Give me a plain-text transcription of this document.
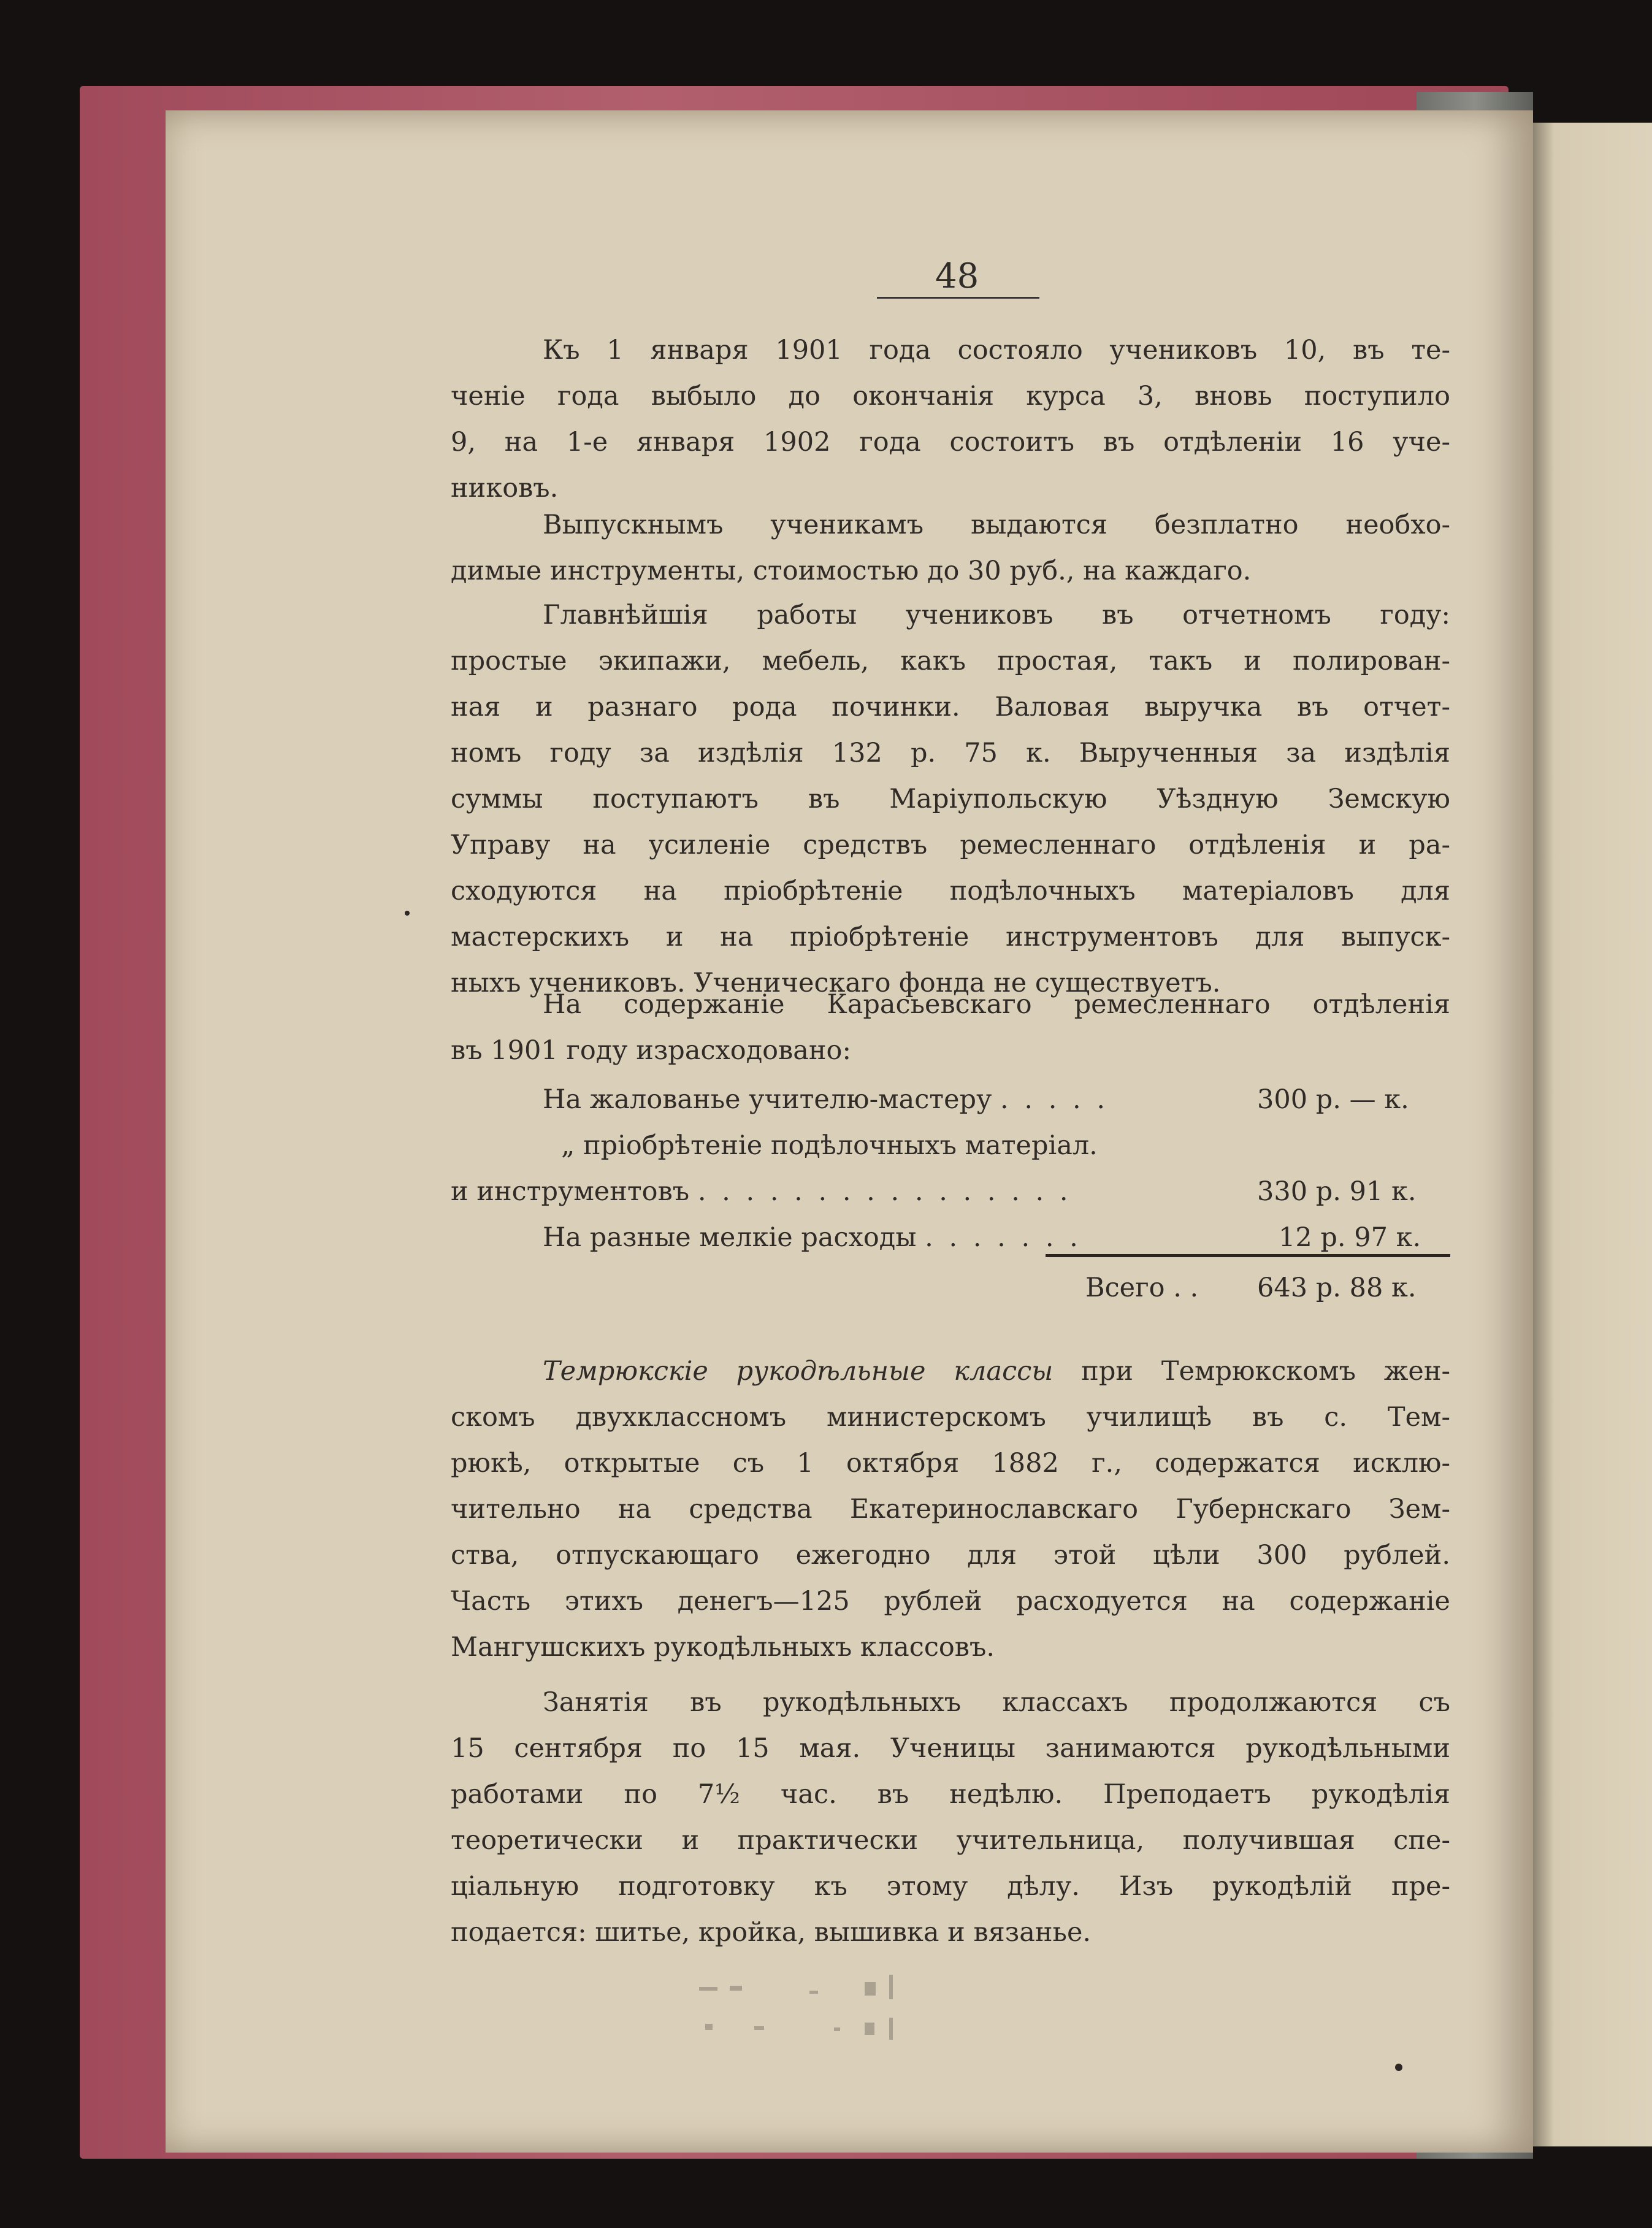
48
Къ 1 января 1901 года состояло учениковъ 10, въ те-
ченіе года выбыло до окончанія курса 3, вновь поступило
9, на 1-е января 1902 года состоитъ въ отдѣленіи 16 уче-
никовъ.
Выпускнымъ ученикамъ выдаются безплатно необхо-
димые инструменты, стоимостью до 30 руб., на каждаго.
Главнѣйшія работы учениковъ въ отчетномъ году:
простые экипажи, мебель, какъ простая, такъ и полирован-
ная и разнаго рода починки. Валовая выручка въ отчет-
номъ году за издѣлія 132 р. 75 к. Вырученныя за издѣлія
суммы поступаютъ въ Маріупольскую Уѣздную Земскую
Управу на усиленіе средствъ ремесленнаго отдѣленія и ра-
сходуются на пріобрѣтеніе подѣлочныхъ матеріаловъ для
мастерскихъ и на пріобрѣтеніе инструментовъ для выпуск-
ныхъ учениковъ. Ученическаго фонда не существуетъ.
На содержаніе Карасьевскаго ремесленнаго отдѣленія
въ 1901 году израсходовано:
На жалованье учителю-мастеру . . . . .	300 р. — к.
„ пріобрѣтеніе подѣлочныхъ матеріал.
и инструментовъ . . . . . . . . . . . . . . . .	330 р. 91 к.
На разные мелкіе расходы . . . . . . .	12 р. 97 к.
Всего . . 643 р. 88 к.
Темрюкскіе рукодѣльные классы при Темрюкскомъ жен-
скомъ двухклассномъ министерскомъ училищѣ въ с. Тем-
рюкѣ, открытые съ 1 октября 1882 г., содержатся исклю-
чительно на средства Екатеринославскаго Губернскаго Зем-
ства, отпускающаго ежегодно для этой цѣли 300 рублей.
Часть этихъ денегъ—125 рублей расходуется на содержаніе
Мангушскихъ рукодѣльныхъ классовъ.
Занятія въ рукодѣльныхъ классахъ продолжаются съ
15 сентября по 15 мая. Ученицы занимаются рукодѣльными
работами по 7½ час. въ недѣлю. Преподаетъ рукодѣлія
теоретически и практически учительница, получившая спе-
ціальную подготовку къ этому дѣлу. Изъ рукодѣлій пре-
подается: шитье, кройка, вышивка и вязанье.
